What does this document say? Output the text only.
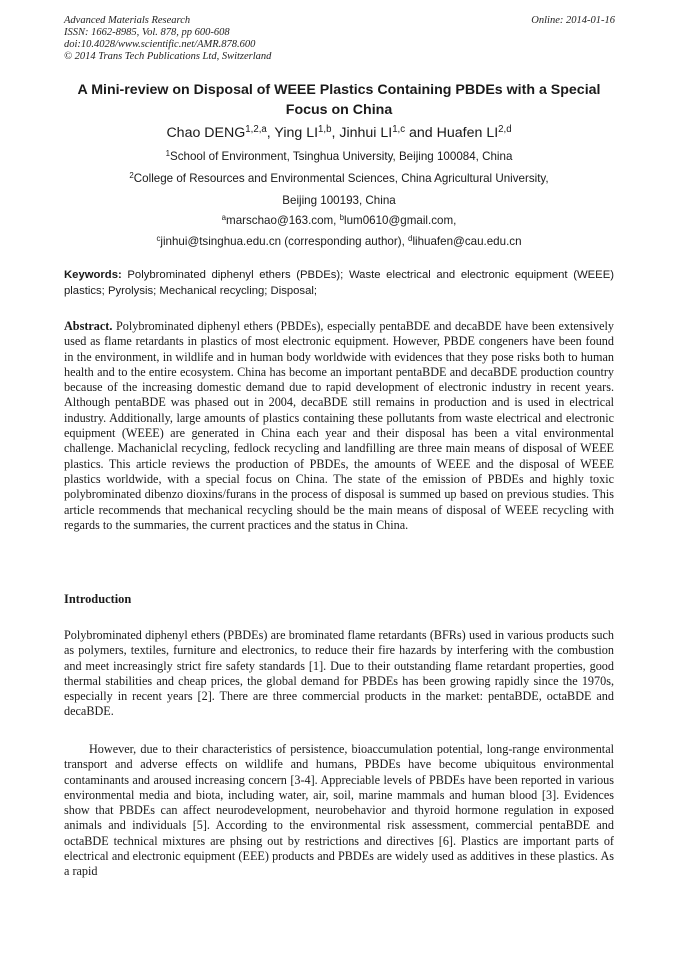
Advanced Materials Research
ISSN: 1662-8985, Vol. 878, pp 600-608
doi:10.4028/www.scientific.net/AMR.878.600
© 2014 Trans Tech Publications Ltd, Switzerland
Online: 2014-01-16
A Mini-review on Disposal of WEEE Plastics Containing PBDEs with a Special Focus on China
Chao DENG$^{1,2,a}$, Ying LI$^{1,b}$, Jinhui LI$^{1,c}$ and Huafen LI$^{2,d}$
$^1$School of Environment, Tsinghua University, Beijing 100084, China
$^2$College of Resources and Environmental Sciences, China Agricultural University,
Beijing 100193, China
$^a$marschao@163.com, $^b$lum0610@gmail.com,
$^c$jinhui@tsinghua.edu.cn (corresponding author), $^d$lihuafen@cau.edu.cn
Keywords: Polybrominated diphenyl ethers (PBDEs); Waste electrical and electronic equipment (WEEE) plastics; Pyrolysis; Mechanical recycling; Disposal;
Abstract. Polybrominated diphenyl ethers (PBDEs), especially pentaBDE and decaBDE have been extensively used as flame retardants in plastics of most electronic equipment. However, PBDE congeners have been found in the environment, in wildlife and in human body worldwide with evidences that they pose risks both to human health and to the entire ecosystem. China has become an important pentaBDE and decaBDE production country because of the increasing domestic demand due to rapid development of electronic industry in recent years. Although pentaBDE was phased out in 2004, decaBDE still remains in production and is used in electrical industry. Additionally, large amounts of plastics containing these pollutants from waste electrical and electronic equipment (WEEE) are generated in China each year and their disposal has been a vital environmental challenge. Machaniclal recycling, fedlock recycling and landfilling are three main means of disposal of WEEE plastics. This article reviews the production of PBDEs, the amounts of WEEE and the disposal of WEEE plastics worldwide, with a special focus on China. The state of the emission of PBDEs and highly toxic polybrominated dibenzo dioxins/furans in the process of disposal is summed up based on previous studies. This article recommends that mechanical recycling should be the main means of disposal of WEEE recycling with regards to the summaries, the current practices and the status in China.
Introduction
Polybrominated diphenyl ethers (PBDEs) are brominated flame retardants (BFRs) used in various products such as polymers, textiles, furniture and electronics, to reduce their fire hazards by interfering with the combustion and meet increasingly strict fire safety standards [1]. Due to their outstanding flame retardant properties, good thermal stabilities and cheap prices, the global demand for PBDEs has been growing rapidly since the 1970s, especially in recent years [2]. There are three commercial products in the market: pentaBDE, octaBDE and decaBDE.
However, due to their characteristics of persistence, bioaccumulation potential, long-range environmental transport and adverse effects on wildlife and humans, PBDEs have become ubiquitous environmental contaminants and aroused increasing concern [3-4]. Appreciable levels of PBDEs have been reported in various environmental media and biota, including water, air, soil, marine mammals and human blood [3]. Evidences show that PBDEs can affect neurodevelopment, neurobehavior and thyroid hormone regulation in exposed animals and individuals [5]. According to the environmental risk assessment, commercial pentaBDE and octaBDE technical mixtures are phsing out by restrictions and directives [6]. Plastics are important parts of electrical and electronic equipment (EEE) products and PBDEs are widely used as additives in these plastics. As a rapid
